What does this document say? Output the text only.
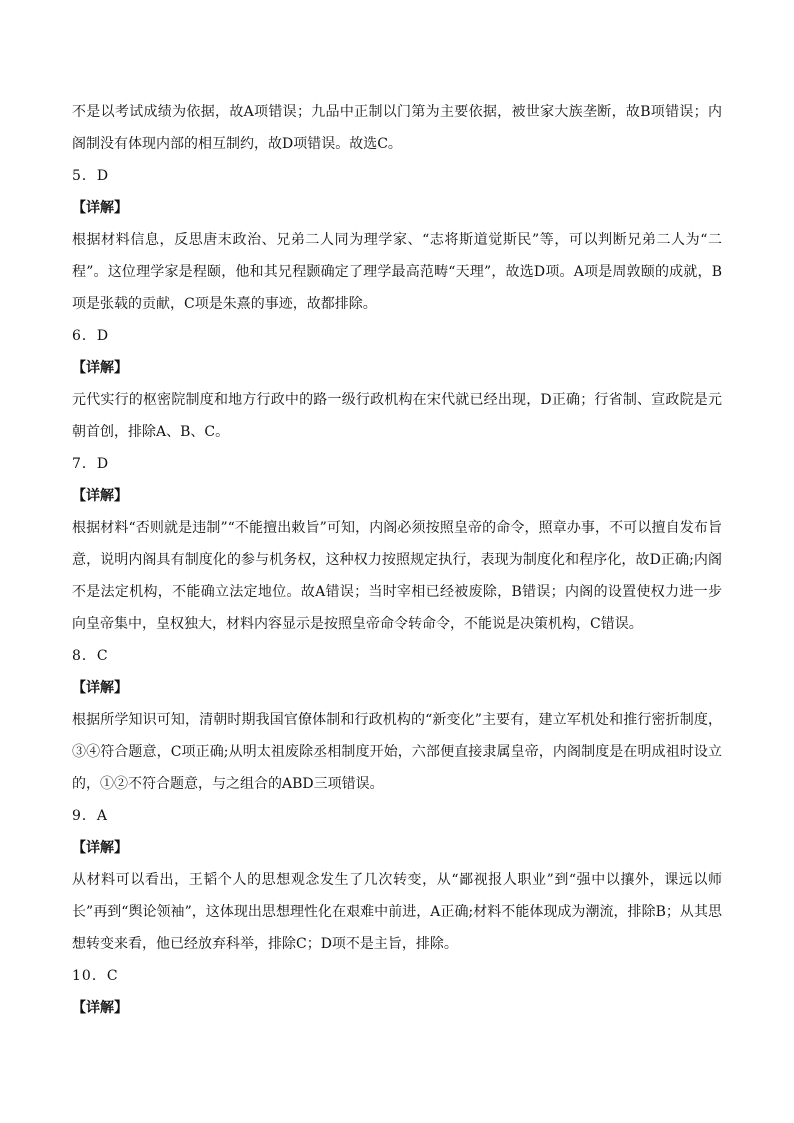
不是以考试成绩为依据，故A项错误；九品中正制以门第为主要依据，被世家大族垄断，故B项错误；内阁制没有体现内部的相互制约，故D项错误。故选C。

5．D

【详解】

根据材料信息，反思唐末政治、兄弟二人同为理学家、“志将斯道觉斯民”等，可以判断兄弟二人为“二程”。这位理学家是程颐，他和其兄程颢确定了理学最高范畴“天理”，故选D项。A项是周敦颐的成就，B项是张载的贡献，C项是朱熹的事迹，故都排除。

6．D

【详解】

元代实行的枢密院制度和地方行政中的路一级行政机构在宋代就已经出现，D正确；行省制、宣政院是元朝首创，排除A、B、C。

7．D

【详解】

根据材料“否则就是违制”“不能擅出敕旨”可知，内阁必须按照皇帝的命令，照章办事，不可以擅自发布旨意，说明内阁具有制度化的参与机务权，这种权力按照规定执行，表现为制度化和程序化，故D正确;内阁不是法定机构，不能确立法定地位。故A错误；当时宰相已经被废除，B错误；内阁的设置使权力进一步向皇帝集中，皇权独大，材料内容显示是按照皇帝命令转命令，不能说是决策机构，C错误。

8．C

【详解】

根据所学知识可知，清朝时期我国官僚体制和行政机构的“新变化”主要有，建立军机处和推行密折制度，③④符合题意，C项正确;从明太祖废除丞相制度开始，六部便直接隶属皇帝，内阁制度是在明成祖时设立的，①②不符合题意，与之组合的ABD三项错误。

9．A

【详解】

从材料可以看出，王韬个人的思想观念发生了几次转变，从“鄙视报人职业”到“强中以攘外，课远以师长”再到“舆论领袖”，这体现出思想理性化在艰难中前进，A正确;材料不能体现成为潮流，排除B；从其思想转变来看，他已经放弃科举，排除C；D项不是主旨，排除。

10．C

【详解】
